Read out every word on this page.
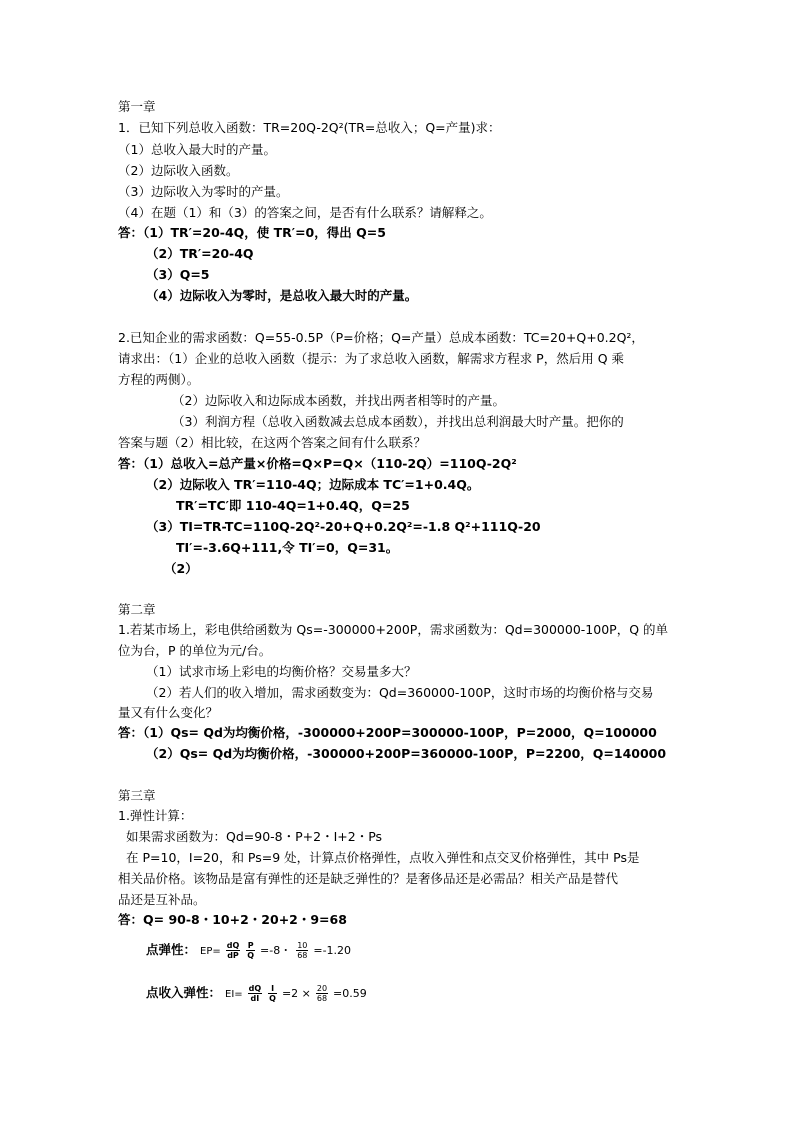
第一章
1．已知下列总收入函数：TR=20Q-2Q²(TR=总收入；Q=产量)求：
（1）总收入最大时的产量。
（2）边际收入函数。
（3）边际收入为零时的产量。
（4）在题（1）和（3）的答案之间，是否有什么联系？请解释之。
答：（1）TR′=20-4Q，使 TR′=0，得出 Q=5
（2）TR′=20-4Q
（3）Q=5
（4）边际收入为零时，是总收入最大时的产量。
2.已知企业的需求函数：Q=55-0.5P（P=价格；Q=产量）总成本函数：TC=20+Q+0.2Q²，
请求出：（1）企业的总收入函数（提示：为了求总收入函数，解需求方程求 P，然后用 Q 乘
方程的两侧）。
（2）边际收入和边际成本函数，并找出两者相等时的产量。
（3）利润方程（总收入函数减去总成本函数），并找出总利润最大时产量。把你的
答案与题（2）相比较，在这两个答案之间有什么联系？
答：（1）总收入=总产量×价格=Q×P=Q×（110-2Q）=110Q-2Q²
（2）边际收入 TR′=110-4Q；边际成本 TC′=1+0.4Q。
TR′=TC′即 110-4Q=1+0.4Q，Q=25
（3）TI=TR-TC=110Q-2Q²-20+Q+0.2Q²=-1.8 Q²+111Q-20
TI′=-3.6Q+111,令 TI′=0，Q=31。
（2）
第二章
1.若某市场上，彩电供给函数为 Qs=-300000+200P，需求函数为：Qd=300000-100P，Q 的单
位为台，P 的单位为元/台。
（1）试求市场上彩电的均衡价格？交易量多大？
（2）若人们的收入增加，需求函数变为：Qd=360000-100P，这时市场的均衡价格与交易
量又有什么变化？
答：（1）Qs= Qd为均衡价格，-300000+200P=300000-100P，P=2000，Q=100000
（2）Qs= Qd为均衡价格，-300000+200P=360000-100P，P=2200，Q=140000
第三章
1.弹性计算：
如果需求函数为：Qd=90-8・P+2・I+2・Ps
在 P=10，I=20，和 Ps=9 处，计算点价格弹性，点收入弹性和点交叉价格弹性，其中 Ps是
相关品价格。该物品是富有弹性的还是缺乏弹性的？是奢侈品还是必需品？相关产品是替代
品还是互补品。
答：Q= 90-8・10+2・20+2・9=68
点弹性： $EP= \frac{dQ}{dP}$
$\frac{P}{Q} =-8$・ $\frac{10}{68} =-1.20$
点收入弹性： $EI= \frac{dQ}{dI}$
$\frac{I}{Q} =2 \times \frac{20}{68} =0.59$
